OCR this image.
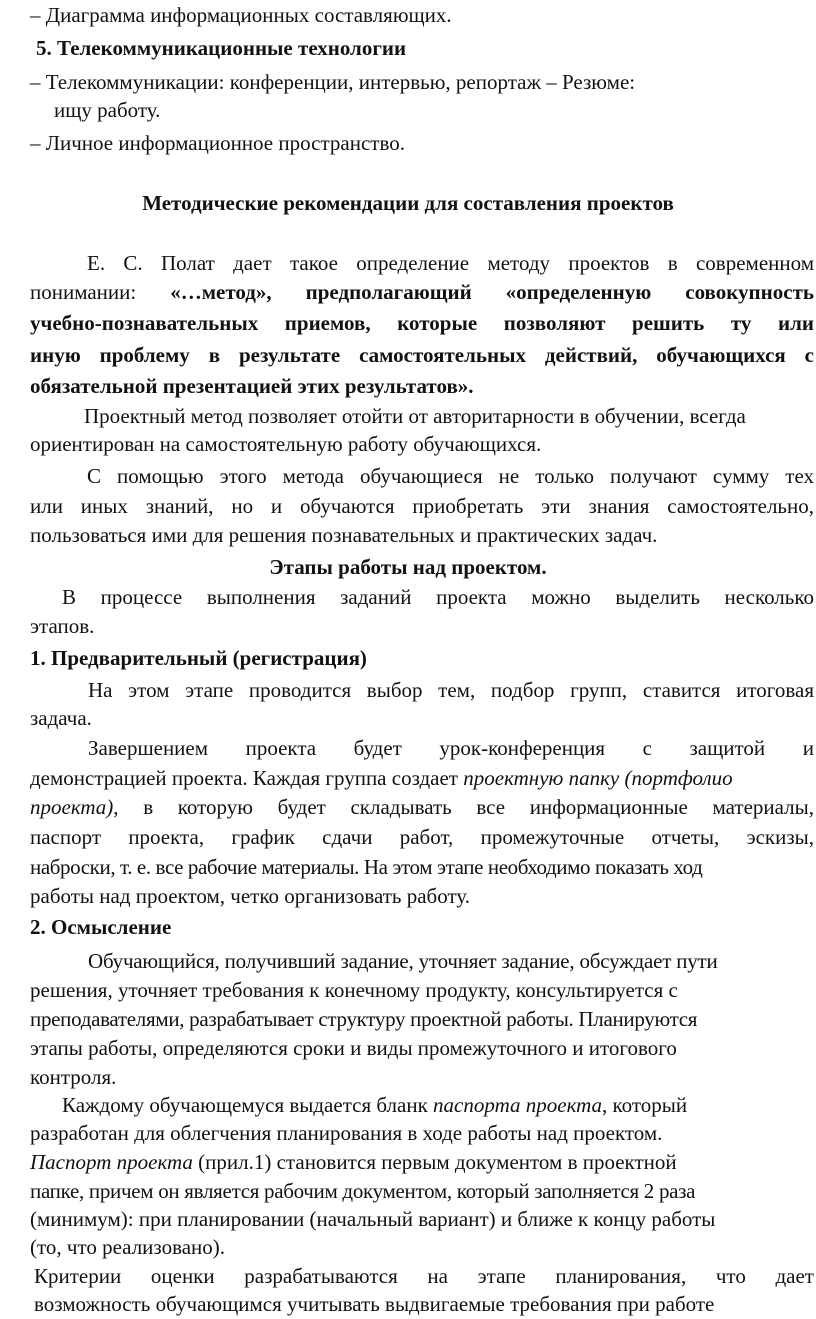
– Диаграмма информационных составляющих.

5. Телекоммуникационные технологии

– Телекоммуникации: конференции, интервью, репортаж – Резюме:

ищу работу.

– Личное информационное пространство.

Методические рекомендации для составления проектов

Е. С. Полат дает такое определение методу проектов в современном

понимании: «…метод», предполагающий «определенную совокупность

учебно-познавательных приемов, которые позволяют решить ту или

иную проблему в результате самостоятельных действий, обучающихся с

обязательной презентацией этих результатов».

Проектный метод позволяет отойти от авторитарности в обучении, всегда

ориентирован на самостоятельную работу обучающихся.

С помощью этого метода обучающиеся не только получают сумму тех

или иных знаний, но и обучаются приобретать эти знания самостоятельно,

пользоваться ими для решения познавательных и практических задач.

Этапы работы над проектом.

В процессе выполнения заданий проекта можно выделить несколько

этапов.

1. Предварительный (регистрация)

На этом этапе проводится выбор тем, подбор групп, ставится итоговая

задача.

Завершением проекта будет урок-конференция с защитой и

демонстрацией проекта. Каждая группа создает проектную папку (портфолио

проекта), в которую будет складывать все информационные материалы,

паспорт проекта, график сдачи работ, промежуточные отчеты, эскизы,

наброски, т. е. все рабочие материалы. На этом этапе необходимо показать ход

работы над проектом, четко организовать работу.

2. Осмысление

Обучающийся, получивший задание, уточняет задание, обсуждает пути

решения, уточняет требования к конечному продукту, консультируется с

преподавателями, разрабатывает структуру проектной работы. Планируются

этапы работы, определяются сроки и виды промежуточного и итогового

контроля.

Каждому обучающемуся выдается бланк паспорта проекта, который

разработан для облегчения планирования в ходе работы над проектом.

Паспорт проекта (прил.1) становится первым документом в проектной

папке, причем он является рабочим документом, который заполняется 2 раза

(минимум): при планировании (начальный вариант) и ближе к концу работы

(то, что реализовано).

Критерии оценки разрабатываются на этапе планирования, что дает

возможность обучающимся учитывать выдвигаемые требования при работе
